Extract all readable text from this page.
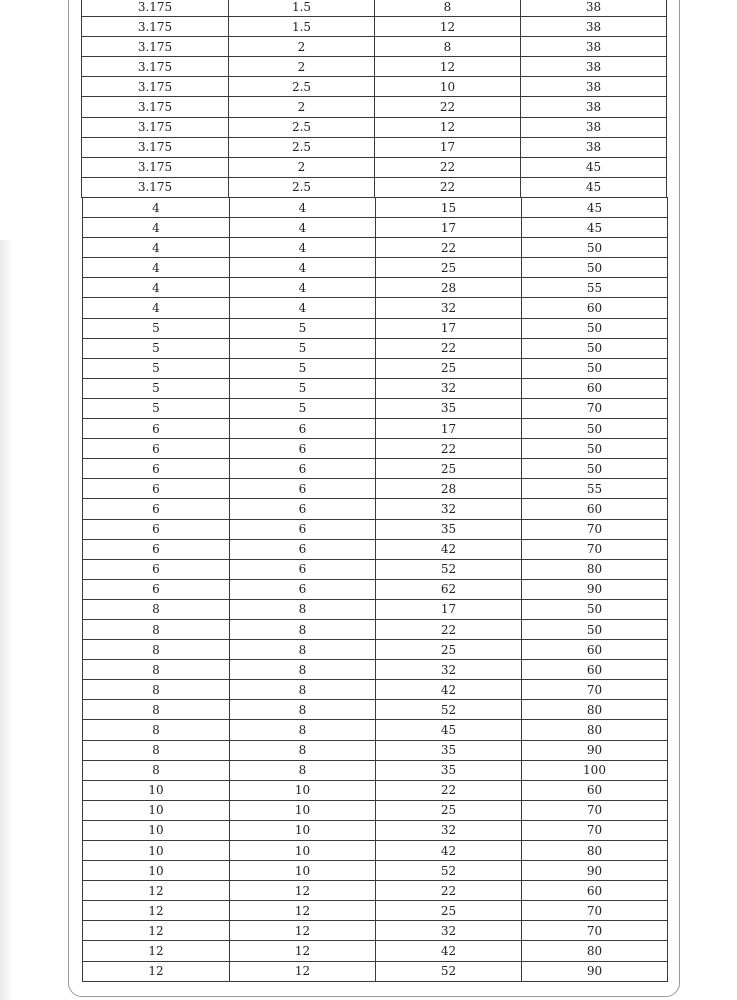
3.175	1.5	8	38
3.175	1.5	12	38
3.175	2	8	38
3.175	2	12	38
3.175	2.5	10	38
3.175	2	22	38
3.175	2.5	12	38
3.175	2.5	17	38
3.175	2	22	45
3.175	2.5	22	45
4	4	15	45
4	4	17	45
4	4	22	50
4	4	25	50
4	4	28	55
4	4	32	60
5	5	17	50
5	5	22	50
5	5	25	50
5	5	32	60
5	5	35	70
6	6	17	50
6	6	22	50
6	6	25	50
6	6	28	55
6	6	32	60
6	6	35	70
6	6	42	70
6	6	52	80
6	6	62	90
8	8	17	50
8	8	22	50
8	8	25	60
8	8	32	60
8	8	42	70
8	8	52	80
8	8	45	80
8	8	35	90
8	8	35	100
10	10	22	60
10	10	25	70
10	10	32	70
10	10	42	80
10	10	52	90
12	12	22	60
12	12	25	70
12	12	32	70
12	12	42	80
12	12	52	90
